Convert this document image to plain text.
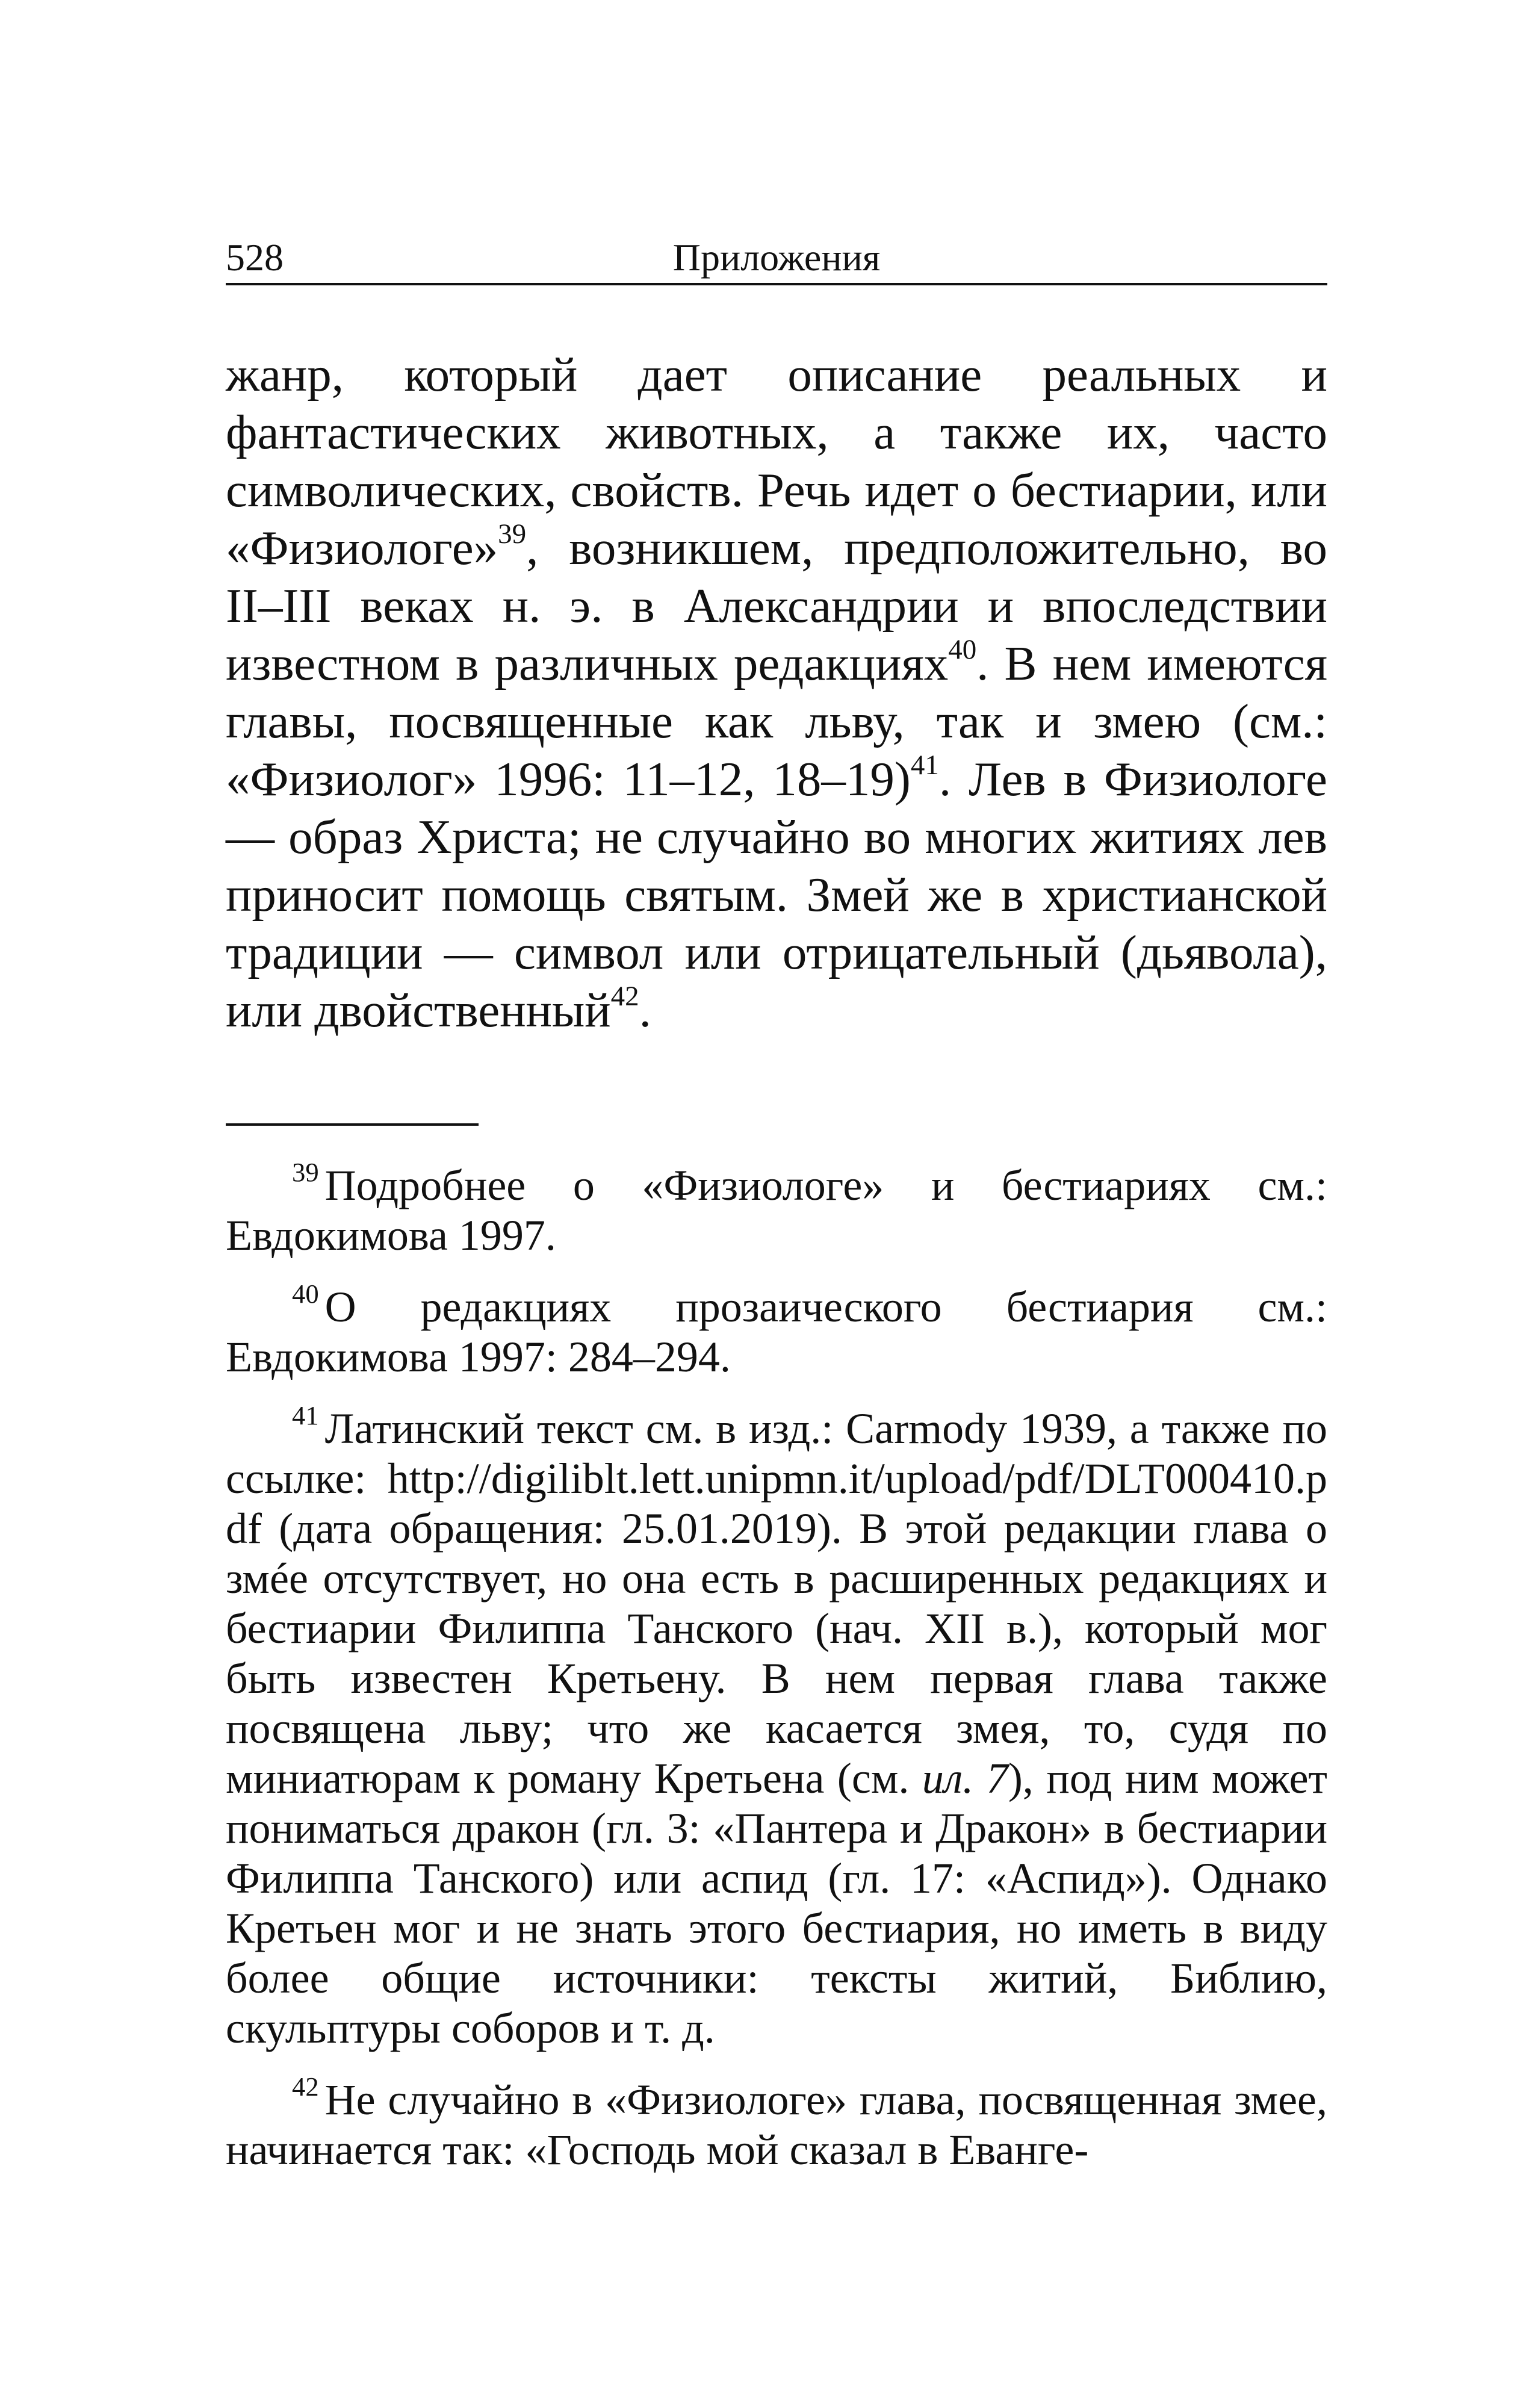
528	Приложения

жанр, который дает описание реальных и фантастических животных, а также их, часто символических, свойств. Речь идет о бестиарии, или «Физиологе»$^{39}$, возникшем, предположительно, во II–III веках н. э. в Александрии и впоследствии известном в различных редакциях$^{40}$. В нем имеются главы, посвященные как льву, так и змею (см.: «Физиолог» 1996: 11–12, 18–19)$^{41}$. Лев в Физиологе — образ Христа; не случайно во многих житиях лев приносит помощь святым. Змей же в христианской традиции — символ или отрицательный (дьявола), или двойственный$^{42}$.

$^{39}$ Подробнее о «Физиологе» и бестиариях см.: Евдокимова 1997.

$^{40}$ О редакциях прозаического бестиария см.: Евдокимова 1997: 284–294.

$^{41}$ Латинский текст см. в изд.: Carmody 1939, а также по ссылке: http://digiliblt.lett.unipmn.it/upload/pdf/DLT000410.pdf (дата обращения: 25.01.2019). В этой редакции глава о змéе отсутствует, но она есть в расширенных редакциях и бестиарии Филиппа Танского (нач. XII в.), который мог быть известен Кретьену. В нем первая глава также посвящена льву; что же касается змея, то, судя по миниатюрам к роману Кретьена (см. ил. 7), под ним может пониматься дракон (гл. 3: «Пантера и Дракон» в бестиарии Филиппа Танского) или аспид (гл. 17: «Аспид»). Однако Кретьен мог и не знать этого бестиария, но иметь в виду более общие источники: тексты житий, Библию, скульптуры соборов и т. д.

$^{42}$ Не случайно в «Физиологе» глава, посвященная змее, начинается так: «Господь мой сказал в Еванге-
